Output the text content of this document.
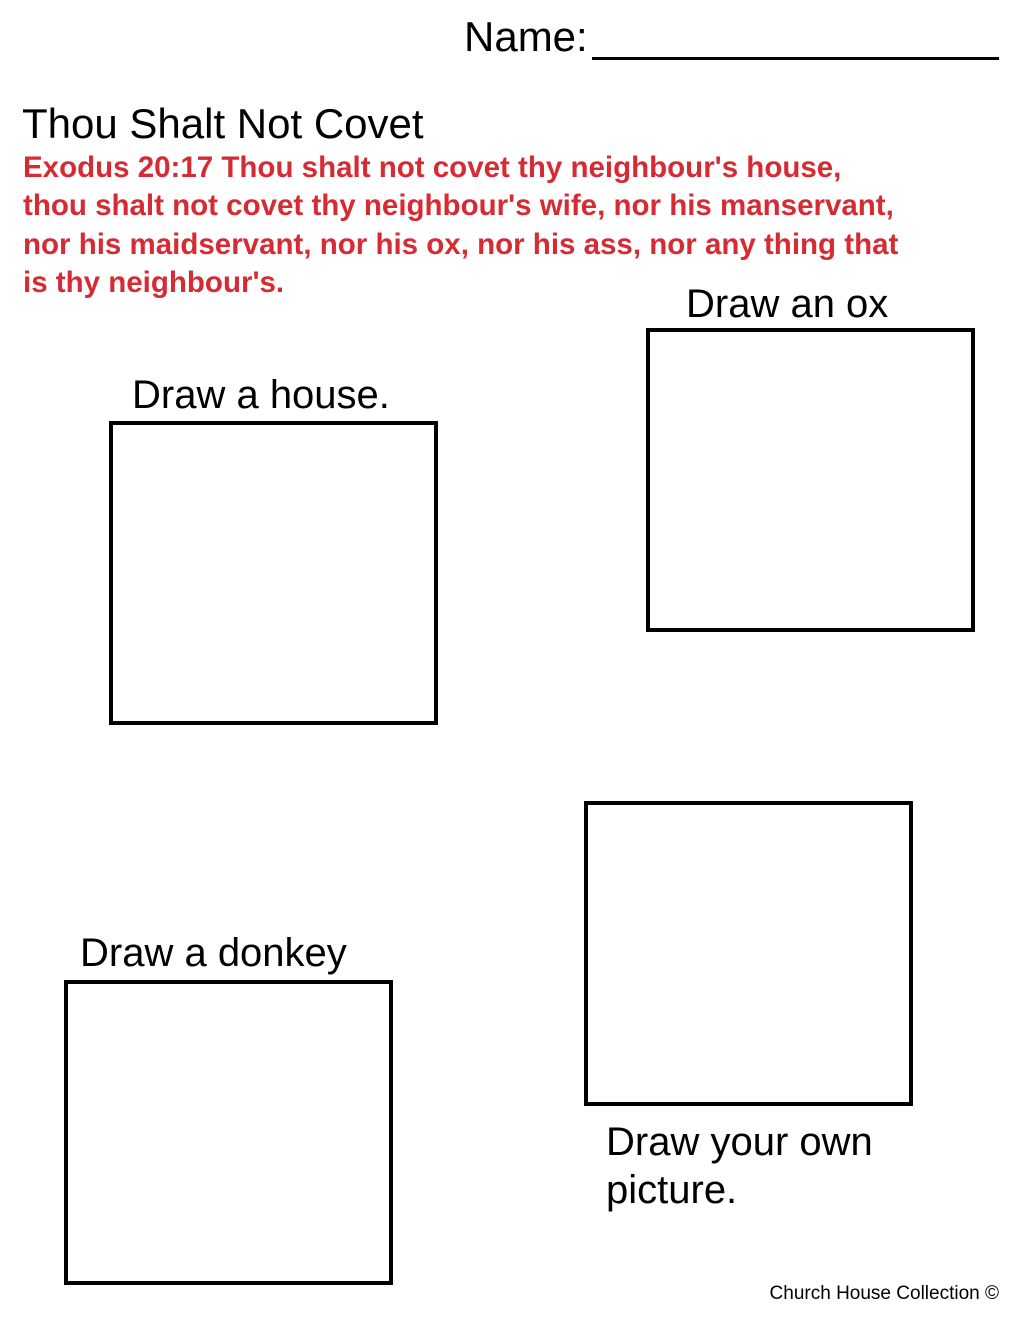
Name:
Thou Shalt Not Covet
Exodus 20:17 Thou shalt not covet thy neighbour's house,
thou shalt not covet thy neighbour's wife, nor his manservant,
nor his maidservant, nor his ox, nor his ass, nor any thing that
is thy neighbour's.	Draw an ox
Draw a house.
Draw your own
picture.
Draw a donkey
Church House Collection ©
